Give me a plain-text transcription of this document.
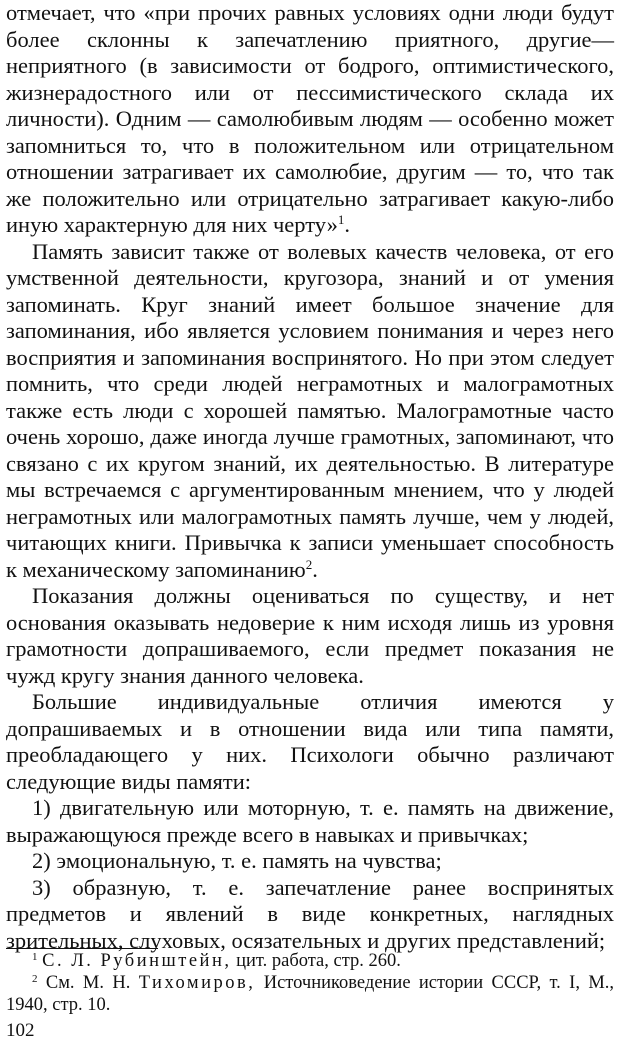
отмечает, что «при прочих равных условиях одни люди будут более склонны к запечатлению приятного, другие— неприятного (в зависимости от бодрого, оптимистического, жизнерадостного или от пессимистического склада их личности). Одним — самолюбивым людям — особенно может запомниться то, что в положительном или отрицательном отношении затрагивает их самолюбие, другим — то, что так же положительно или отрицательно затрагивает какую-либо иную характерную для них черту»$^1$.

Память зависит также от волевых качеств человека, от его умственной деятельности, кругозора, знаний и от умения запоминать. Круг знаний имеет большое значение для запоминания, ибо является условием понимания и через него восприятия и запоминания воспринятого. Но при этом следует помнить, что среди людей неграмотных и малограмотных также есть люди с хорошей памятью. Малограмотные часто очень хорошо, даже иногда лучше грамотных, запоминают, что связано с их кругом знаний, их деятельностью. В литературе мы встречаемся с аргументированным мнением, что у людей неграмотных или малограмотных память лучше, чем у людей, читающих книги. Привычка к записи уменьшает способность к механическому запоминанию$^2$.

Показания должны оцениваться по существу, и нет основания оказывать недоверие к ним исходя лишь из уровня грамотности допрашиваемого, если предмет показания не чужд кругу знания данного человека.

Большие индивидуальные отличия имеются у допрашиваемых и в отношении вида или типа памяти, преобладающего у них. Психологи обычно различают следующие виды памяти:

1) двигательную или моторную, т. е. память на движение, выражающуюся прежде всего в навыках и привычках;

2) эмоциональную, т. е. память на чувства;

3) образную, т. е. запечатление ранее воспринятых предметов и явлений в виде конкретных, наглядных зрительных, слуховых, осязательных и других представлений;

$^1$ С. Л. Рубинштейн, цит. работа, стр. 260.

$^2$ См. М. Н. Тихомиров, Источниковедение истории СССР, т. I, М., 1940, стр. 10.

102
